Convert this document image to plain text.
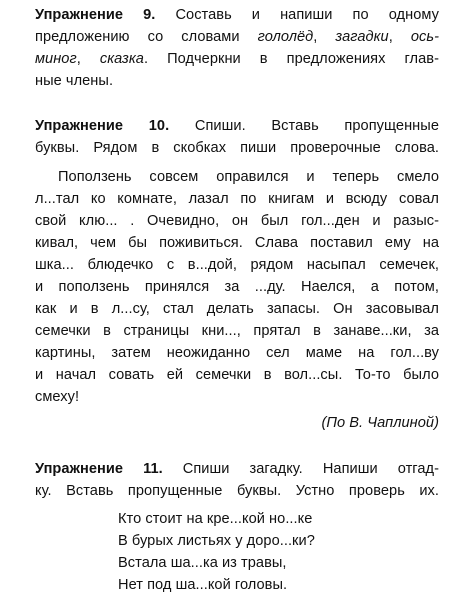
Упражнение 9. Составь и напиши по одному
предложению со словами гололёд, загадки, ось-
миног, сказка. Подчеркни в предложениях глав-
ные члены.
Упражнение 10. Спиши. Вставь пропущенные
буквы. Рядом в скобках пиши проверочные слова.
Поползень совсем оправился и теперь смело
л...тал ко комнате, лазал по книгам и всюду совал
свой клю... . Очевидно, он был гол...ден и разыс-
кивал, чем бы поживиться. Слава поставил ему на
шка... блюдечко с в...дой, рядом насыпал семечек,
и поползень принялся за ...ду. Наелся, а потом,
как и в л...су, стал делать запасы. Он засовывал
семечки в страницы кни..., прятал в занаве...ки, за
картины, затем неожиданно сел маме на гол...ву
и начал совать ей семечки в вол...сы. То-то было
смеху!
(По В. Чаплиной)
Упражнение 11. Спиши загадку. Напиши отгад-
ку. Вставь пропущенные буквы. Устно проверь их.
Кто стоит на кре...кой но...ке
В бурых листьях у доро...ки?
Встала ша...ка из травы,
Нет под ша...кой головы.
